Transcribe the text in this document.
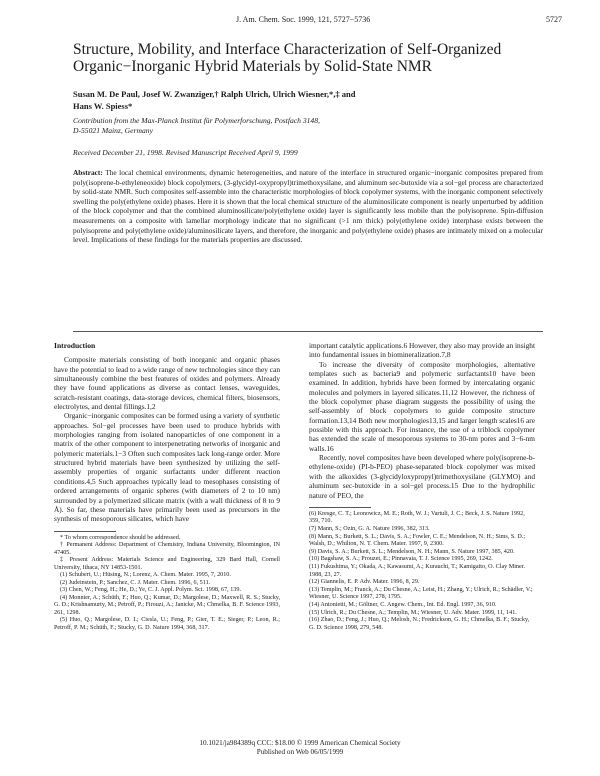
J. Am. Chem. Soc. 1999, 121, 5727−5736	5727
Structure, Mobility, and Interface Characterization of Self-Organized Organic−Inorganic Hybrid Materials by Solid-State NMR
Susan M. De Paul, Josef W. Zwanziger,† Ralph Ulrich, Ulrich Wiesner,*,‡ and
Hans W. Spiess*
Contribution from the Max-Planck Institut für Polymerforschung, Postfach 3148,
D-55021 Mainz, Germany
Received December 21, 1998. Revised Manuscript Received April 9, 1999
Abstract: The local chemical environments, dynamic heterogeneities, and nature of the interface in structured organic−inorganic composites prepared from poly(isoprene-b-ethyleneoxide) block copolymers, (3-glycidyl-oxypropyl)trimethoxysilane, and aluminum sec-butoxide via a sol−gel process are characterized by solid-state NMR. Such composites self-assemble into the characteristic morphologies of block copolymer systems, with the inorganic component selectively swelling the poly(ethylene oxide) phases. Here it is shown that the local chemical structure of the aluminosilicate component is nearly unperturbed by addition of the block copolymer and that the combined aluminosilicate/poly(ethylene oxide) layer is significantly less mobile than the polyisoprene. Spin-diffusion measurements on a composite with lamellar morphology indicate that no significant (>1 nm thick) poly(ethylene oxide) interphase exists between the polyisoprene and poly(ethylene oxide)/aluminosilicate layers, and therefore, the inorganic and poly(ethylene oxide) phases are intimately mixed on a molecular level. Implications of these findings for the materials properties are discussed.
Introduction

Composite materials consisting of both inorganic and organic phases have the potential to lead to a wide range of new technologies since they can simultaneously combine the best features of oxides and polymers. Already they have found applications as diverse as contact lenses, waveguides, scratch-resistant coatings, data-storage devices, chemical filters, biosensors, electrolytes, and dental fillings.1,2

Organic−inorganic composites can be formed using a variety of synthetic approaches. Sol−gel processes have been used to produce hybrids with morphologies ranging from isolated nanoparticles of one component in a matrix of the other component to interpenetrating networks of inorganic and polymeric materials.1−3 Often such composites lack long-range order. More structured hybrid materials have been synthesized by utilizing the self-assembly properties of organic surfactants under different reaction conditions.4,5 Such approaches typically lead to mesophases consisting of ordered arrangements of organic spheres (with diameters of 2 to 10 nm) surrounded by a polymerized silicate matrix (with a wall thickness of 8 to 9 Å). So far, these materials have primarily been used as precursors in the synthesis of mesoporous silicates, which have

* To whom correspondence should be addressed.
† Permanent Address: Department of Chemistry, Indiana University, Bloomington, IN 47405.
‡ Present Address: Materials Science and Engineering, 329 Bard Hall, Cornell University, Ithaca, NY 14853-1501.
(1) Schubert, U.; Hüsing, N.; Lorenz, A. Chem. Mater. 1995, 7, 2010.
(2) Judeinstein, P.; Sanchez, C. J. Mater. Chem. 1996, 6, 511.
(3) Chen, W.; Feng, H.; He, D.; Ye, C. J. Appl. Polym. Sci. 1998, 67, 139.
(4) Monnier, A.; Schüth, F.; Huo, Q.; Kumar, D.; Margolese, D.; Maxwell, R. S.; Stucky, G. D.; Krishnamurty, M.; Petroff, P.; Firouzi, A.; Janicke, M.; Chmelka, B. F. Science 1993, 261, 1298.
(5) Huo, Q.; Margolese, D. I.; Ciesla, U.; Feng, P.; Gier, T. E.; Sieger, P.; Leon, R.; Petroff, P. M.; Schüth, F.; Stucky, G. D. Nature 1994, 368, 317.

important catalytic applications.6 However, they also may provide an insight into fundamental issues in biomineralization.7,8

To increase the diversity of composite morphologies, alternative templates such as bacteria9 and polymeric surfactants10 have been examined. In addition, hybrids have been formed by intercalating organic molecules and polymers in layered silicates.11,12 However, the richness of the block copolymer phase diagram suggests the possibility of using the self-assembly of block copolymers to guide composite structure formation.13,14 Both new morphologies13,15 and larger length scales16 are possible with this approach. For instance, the use of a triblock copolymer has extended the scale of mesoporous systems to 30-nm pores and 3−6-nm walls.16

Recently, novel composites have been developed where poly(isoprene-b-ethylene-oxide) (PI-b-PEO) phase-separated block copolymer was mixed with the alkoxides (3-glycidyloxypropyl)trimethoxysilane (GLYMO) and aluminum sec-butoxide in a sol−gel process.15 Due to the hydrophilic nature of PEO, the

(6) Kresge, C. T.; Leonowicz, M. E.; Roth, W. J.; Vartuli, J. C.; Beck, J. S. Nature 1992, 359, 710.
(7) Mann, S.; Ozin, G. A. Nature 1996, 382, 313.
(8) Mann, S.; Burkett, S. L.; Davis, S. A.; Fowler, C. E.; Mendelson, N. H.; Sims, S. D.; Walsh, D.; Whilton, N. T. Chem. Mater. 1997, 9, 2300.
(9) Davis, S. A.; Burkett, S. L.; Mendelson, N. H.; Mann, S. Nature 1997, 385, 420.
(10) Bagshaw, S. A.; Prouzet, E.; Pinnavaia, T. J. Science 1995, 269, 1242.
(11) Fukushima, Y.; Okada, A.; Kawasumi, A.; Kurauchi, T.; Kamigaito, O. Clay Miner. 1988, 23, 27.
(12) Giannelis, E. P. Adv. Mater. 1996, 8, 29.
(13) Templin, M.; Franck, A.; Du Chesne, A.; Leist, H.; Zhang, Y.; Ulrich, R.; Schädler, V.; Wiesner, U. Science 1997, 278, 1795.
(14) Antonietti, M.; Göltner, C. Angew. Chem., Int. Ed. Engl. 1997, 36, 910.
(15) Ulrich, R.; Du Chesne, A.; Templin, M.; Wiesner, U. Adv. Mater. 1999, 11, 141.
(16) Zhao, D.; Feng, J.; Huo, Q.; Melosh, N.; Fredrickson, G. H.; Chmelka, B. F.; Stucky, G. D. Science 1998, 279, 548.
10.1021/ja984389q CCC: $18.00 © 1999 American Chemical Society
Published on Web 06/05/1999
